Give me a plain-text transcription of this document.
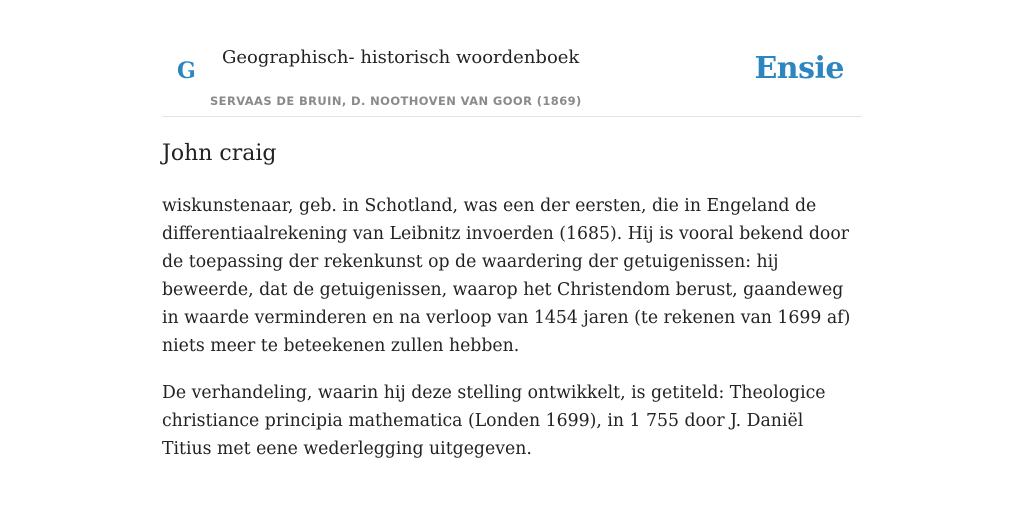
G
Geographisch- historisch woordenboek
SERVAAS DE BRUIN, D. NOOTHOVEN VAN GOOR (1869)
Ensie
John craig

wiskunstenaar, geb. in Schotland, was een der eersten, die in Engeland de differentiaalrekening van Leibnitz invoerden (1685). Hij is vooral bekend door de toepassing der rekenkunst op de waardering der getuigenissen: hij beweerde, dat de getuigenissen, waarop het Christendom berust, gaandeweg in waarde verminderen en na verloop van 1454 jaren (te rekenen van 1699 af) niets meer te beteekenen zullen hebben.

De verhandeling, waarin hij deze stelling ontwikkelt, is getiteld: Theologice christiance principia mathematica (Londen 1699), in 1 755 door J. Daniël Titius met eene wederlegging uitgegeven.
